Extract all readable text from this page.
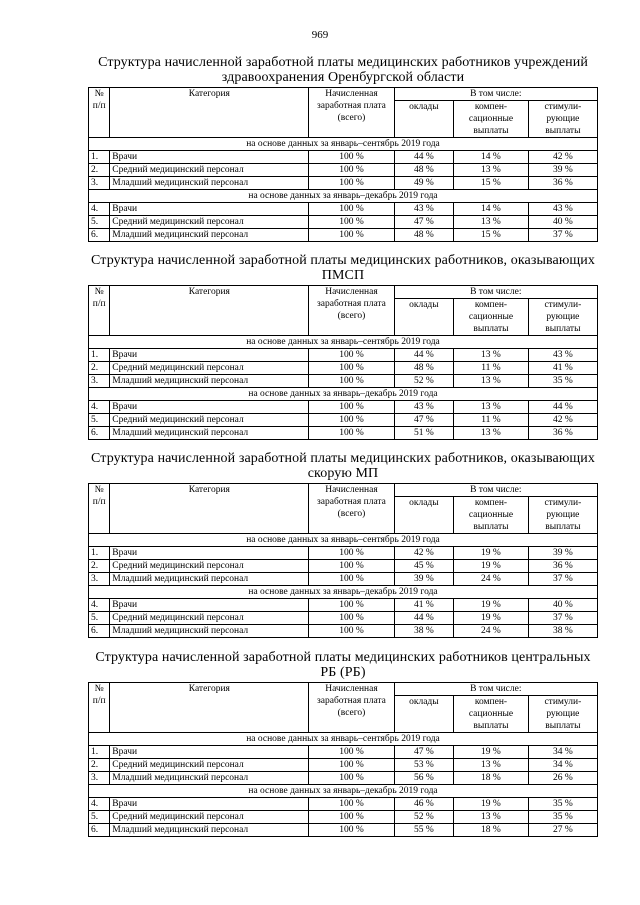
969
Структура начисленной заработной платы медицинских работников учреждений здравоохранения Оренбургской области
№ п/п	Категория	Начисленная заработная плата (всего)	В том числе:		
			оклады	компен-сационные выплаты	стимули-рующие выплаты
на основе данных за январь–сентябрь 2019 года					
1.	Врачи	100 %	44 %	14 %	42 %
2.	Средний медицинский персонал	100 %	48 %	13 %	39 %
3.	Младший медицинский персонал	100 %	49 %	15 %	36 %
на основе данных за январь–декабрь 2019 года					
4.	Врачи	100 %	43 %	14 %	43 %
5.	Средний медицинский персонал	100 %	47 %	13 %	40 %
6.	Младший медицинский персонал	100 %	48 %	15 %	37 %
Структура начисленной заработной платы медицинских работников, оказывающих ПМСП
№ п/п	Категория	Начисленная заработная плата (всего)	В том числе:		
			оклады	компен-сационные выплаты	стимули-рующие выплаты
на основе данных за январь–сентябрь 2019 года					
1.	Врачи	100 %	44 %	13 %	43 %
2.	Средний медицинский персонал	100 %	48 %	11 %	41 %
3.	Младший медицинский персонал	100 %	52 %	13 %	35 %
на основе данных за январь–декабрь 2019 года					
4.	Врачи	100 %	43 %	13 %	44 %
5.	Средний медицинский персонал	100 %	47 %	11 %	42 %
6.	Младший медицинский персонал	100 %	51 %	13 %	36 %
Структура начисленной заработной платы медицинских работников, оказывающих скорую МП
№ п/п	Категория	Начисленная заработная плата (всего)	В том числе:		
			оклады	компен-сационные выплаты	стимули-рующие выплаты
на основе данных за январь–сентябрь 2019 года					
1.	Врачи	100 %	42 %	19 %	39 %
2.	Средний медицинский персонал	100 %	45 %	19 %	36 %
3.	Младший медицинский персонал	100 %	39 %	24 %	37 %
на основе данных за январь–декабрь 2019 года					
4.	Врачи	100 %	41 %	19 %	40 %
5.	Средний медицинский персонал	100 %	44 %	19 %	37 %
6.	Младший медицинский персонал	100 %	38 %	24 %	38 %
Структура начисленной заработной платы медицинских работников центральных РБ (РБ)
№ п/п	Категория	Начисленная заработная плата (всего)	В том числе:		
			оклады	компен-сационные выплаты	стимули-рующие выплаты
на основе данных за январь–сентябрь 2019 года					
1.	Врачи	100 %	47 %	19 %	34 %
2.	Средний медицинский персонал	100 %	53 %	13 %	34 %
3.	Младший медицинский персонал	100 %	56 %	18 %	26 %
на основе данных за январь–декабрь 2019 года					
4.	Врачи	100 %	46 %	19 %	35 %
5.	Средний медицинский персонал	100 %	52 %	13 %	35 %
6.	Младший медицинский персонал	100 %	55 %	18 %	27 %
